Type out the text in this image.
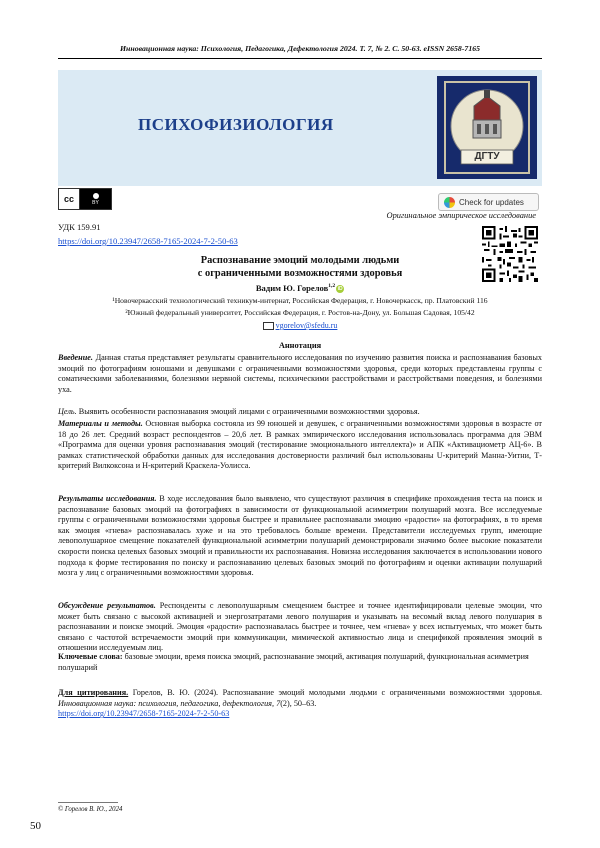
Инновационная наука: Психология, Педагогика, Дефектология 2024. Т. 7, № 2. С. 50-63. eISSN 2658-7165
ПСИХОФИЗИОЛОГИЯ
ДГТУ
cc	BY	Check for updates
Оригинальное эмпирическое исследование
УДК 159.91
https://doi.org/10.23947/2658-7165-2024-7-2-50-63
Распознавание эмоций молодыми людьми
с ограниченными возможностями здоровья
Вадим Ю. Горелов$^{1,2}$ iD
¹Новочеркасский технологический техникум-интернат, Российская Федерация, г. Новочеркасск, пр. Платовский 116
²Южный федеральный университет, Российская Федерация, г. Ростов-на-Дону, ул. Большая Садовая, 105/42
vgorelov@sfedu.ru
Аннотация
Введение. Данная статья представляет результаты сравнительного исследования по изучению развития поиска и распознавания базовых эмоций по фотографиям юношами и девушками с ограниченными возможностями здоровья, среди которых представлены группы с соматическими заболеваниями, болезнями нервной системы, психическими расстройствами и расстройствами поведения, и болезнями уха.
Цель. Выявить особенности распознавания эмоций лицами с ограниченными возможностями здоровья.
Материалы и методы. Основная выборка состояла из 99 юношей и девушек, с ограниченными возможностями здоровья в возрасте от 18 до 26 лет. Средний возраст респондентов – 20,6 лет. В рамках эмпирического исследования использовалась программа для ЭВМ «Программа для оценки уровня распознавания эмоций (тестирование эмоционального интеллекта)» и АПК «Активациометр АЦ-6». В рамках статистической обработки данных для исследования достоверности различий был использованы U-критерий Манна-Уитни, Т-критерий Вилкоксона и Н-критерий Краскела-Уолисса.
Результаты исследования. В ходе исследования было выявлено, что существуют различия в специфике прохождения теста на поиск и распознавание базовых эмоций на фотографиях в зависимости от функциональной асимметрии полушарий мозга. Все исследуемые группы с ограниченными возможностями здоровья быстрее и правильнее распознавали эмоцию «радости» на фотографиях, в то время как эмоция «гнева» распознавалась хуже и на это требовалось больше времени. Представители исследуемых групп, имеющие левополушарное смещение показателей функциональной асимметрии полушарий демонстрировали значимо более высокие показатели скорости поиска целевых базовых эмоций и правильности их распознавания. Новизна исследования заключается в использовании нового подхода к форме тестирования по поиску и распознаванию целевых базовых эмоций по фотографиям и оценки активации полушарий мозга у лиц с ограниченными возможностями здоровья.
Обсуждение результатов. Респонденты с левополушарным смещением быстрее и точнее идентифицировали целевые эмоции, что может быть связано с высокой активацией и энергозатратами левого полушария и указывать на весомый вклад левого полушария в распознавании и поиске эмоций. Эмоция «радости» распознавалась быстрее и точнее, чем «гнева» у всех испытуемых, что может быть связано с частотой встречаемости эмоций при коммуникации, мимической активностью лица и спецификой проявления эмоций в отношении исследуемым лиц.
Ключевые слова: базовые эмоции, время поиска эмоций, распознавание эмоций, активация полушарий, функциональная асимметрия полушарий
Для цитирования. Горелов, В. Ю. (2024). Распознавание эмоций молодыми людьми с ограниченными возможностями здоровья. Инновационная наука: психология, педагогика, дефектология, 7(2), 50–63.
https://doi.org/10.23947/2658-7165-2024-7-2-50-63
© Горелов В. Ю., 2024
50
